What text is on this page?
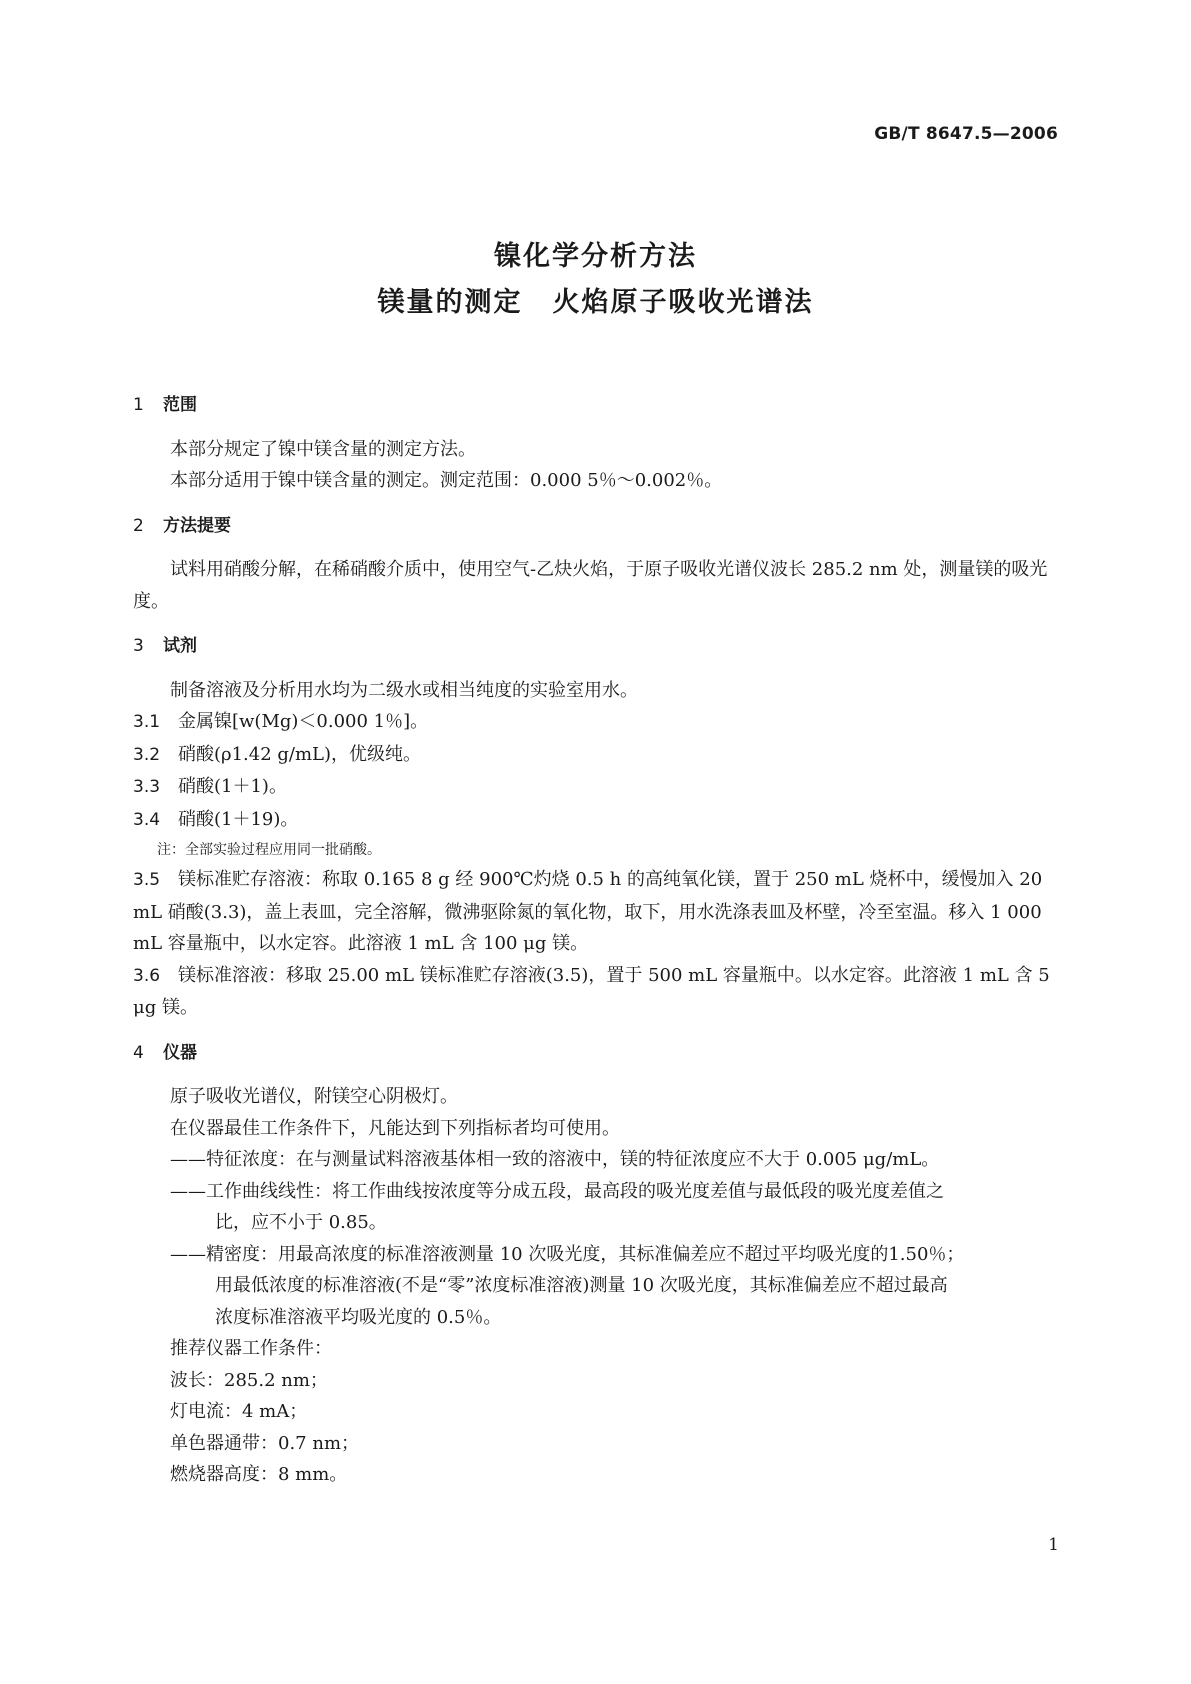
GB/T 8647.5—2006
镍化学分析方法
镁量的测定 火焰原子吸收光谱法
1 范围

本部分规定了镍中镁含量的测定方法。

本部分适用于镍中镁含量的测定。测定范围：0.000 5％～0.002％。

2 方法提要

试料用硝酸分解，在稀硝酸介质中，使用空气-乙炔火焰，于原子吸收光谱仪波长 285.2 nm 处，测量镁的吸光度。

3 试剂

制备溶液及分析用水均为二级水或相当纯度的实验室用水。

3.1 金属镍[w(Mg)＜0.000 1％]。

3.2 硝酸(ρ1.42 g/mL)，优级纯。

3.3 硝酸(1＋1)。

3.4 硝酸(1＋19)。

注：全部实验过程应用同一批硝酸。

3.5 镁标准贮存溶液：称取 0.165 8 g 经 900℃灼烧 0.5 h 的高纯氧化镁，置于 250 mL 烧杯中，缓慢加入 20 mL 硝酸(3.3)，盖上表皿，完全溶解，微沸驱除氮的氧化物，取下，用水洗涤表皿及杯壁，冷至室温。移入 1 000 mL 容量瓶中，以水定容。此溶液 1 mL 含 100 μg 镁。

3.6 镁标准溶液：移取 25.00 mL 镁标准贮存溶液(3.5)，置于 500 mL 容量瓶中。以水定容。此溶液 1 mL 含 5 μg 镁。

4 仪器

原子吸收光谱仪，附镁空心阴极灯。

在仪器最佳工作条件下，凡能达到下列指标者均可使用。

——特征浓度：在与测量试料溶液基体相一致的溶液中，镁的特征浓度应不大于 0.005 μg/mL。

——工作曲线线性：将工作曲线按浓度等分成五段，最高段的吸光度差值与最低段的吸光度差值之

比，应不小于 0.85。

——精密度：用最高浓度的标准溶液测量 10 次吸光度，其标准偏差应不超过平均吸光度的1.50％；

用最低浓度的标准溶液(不是“零”浓度标准溶液)测量 10 次吸光度，其标准偏差应不超过最高

浓度标准溶液平均吸光度的 0.5％。

推荐仪器工作条件：

波长：285.2 nm；

灯电流：4 mA；

单色器通带：0.7 nm；

燃烧器高度：8 mm。

1
